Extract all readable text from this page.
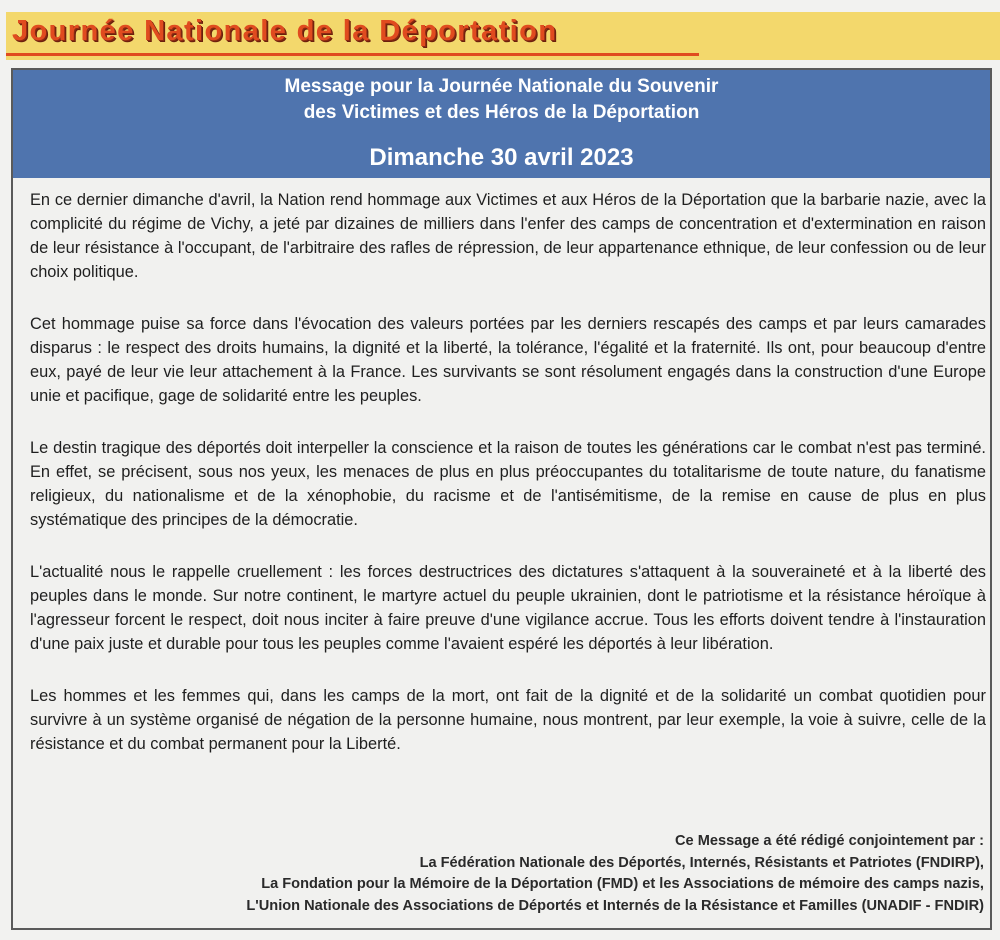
Journée Nationale de la Déportation
Message pour la Journée Nationale du Souvenir
des Victimes et des Héros de la Déportation
Dimanche 30 avril 2023

En ce dernier dimanche d'avril, la Nation rend hommage aux Victimes et aux Héros de la Déportation que la barbarie nazie, avec la complicité du régime de Vichy, a jeté par dizaines de milliers dans l'enfer des camps de concentration et d'extermination en raison de leur résistance à l'occupant, de l'arbitraire des rafles de répression, de leur appartenance ethnique, de leur confession ou de leur choix politique.

Cet hommage puise sa force dans l'évocation des valeurs portées par les derniers rescapés des camps et par leurs camarades disparus : le respect des droits humains, la dignité et la liberté, la tolérance, l'égalité et la fraternité. Ils ont, pour beaucoup d'entre eux, payé de leur vie leur attachement à la France. Les survivants se sont résolument engagés dans la construction d'une Europe unie et pacifique, gage de solidarité entre les peuples.

Le destin tragique des déportés doit interpeller la conscience et la raison de toutes les générations car le combat n'est pas terminé. En effet, se précisent, sous nos yeux, les menaces de plus en plus préoccupantes du totalitarisme de toute nature, du fanatisme religieux, du nationalisme et de la xénophobie, du racisme et de l'antisémitisme, de la remise en cause de plus en plus systématique des principes de la démocratie.

L'actualité nous le rappelle cruellement : les forces destructrices des dictatures s'attaquent à la souveraineté et à la liberté des peuples dans le monde. Sur notre continent, le martyre actuel du peuple ukrainien, dont le patriotisme et la résistance héroïque à l'agresseur forcent le respect, doit nous inciter à faire preuve d'une vigilance accrue. Tous les efforts doivent tendre à l'instauration d'une paix juste et durable pour tous les peuples comme l'avaient espéré les déportés à leur libération.

Les hommes et les femmes qui, dans les camps de la mort, ont fait de la dignité et de la solidarité un combat quotidien pour survivre à un système organisé de négation de la personne humaine, nous montrent, par leur exemple, la voie à suivre, celle de la résistance et du combat permanent pour la Liberté.

Ce Message a été rédigé conjointement par :
La Fédération Nationale des Déportés, Internés, Résistants et Patriotes (FNDIRP),
La Fondation pour la Mémoire de la Déportation (FMD) et les Associations de mémoire des camps nazis,
L'Union Nationale des Associations de Déportés et Internés de la Résistance et Familles (UNADIF - FNDIR)
